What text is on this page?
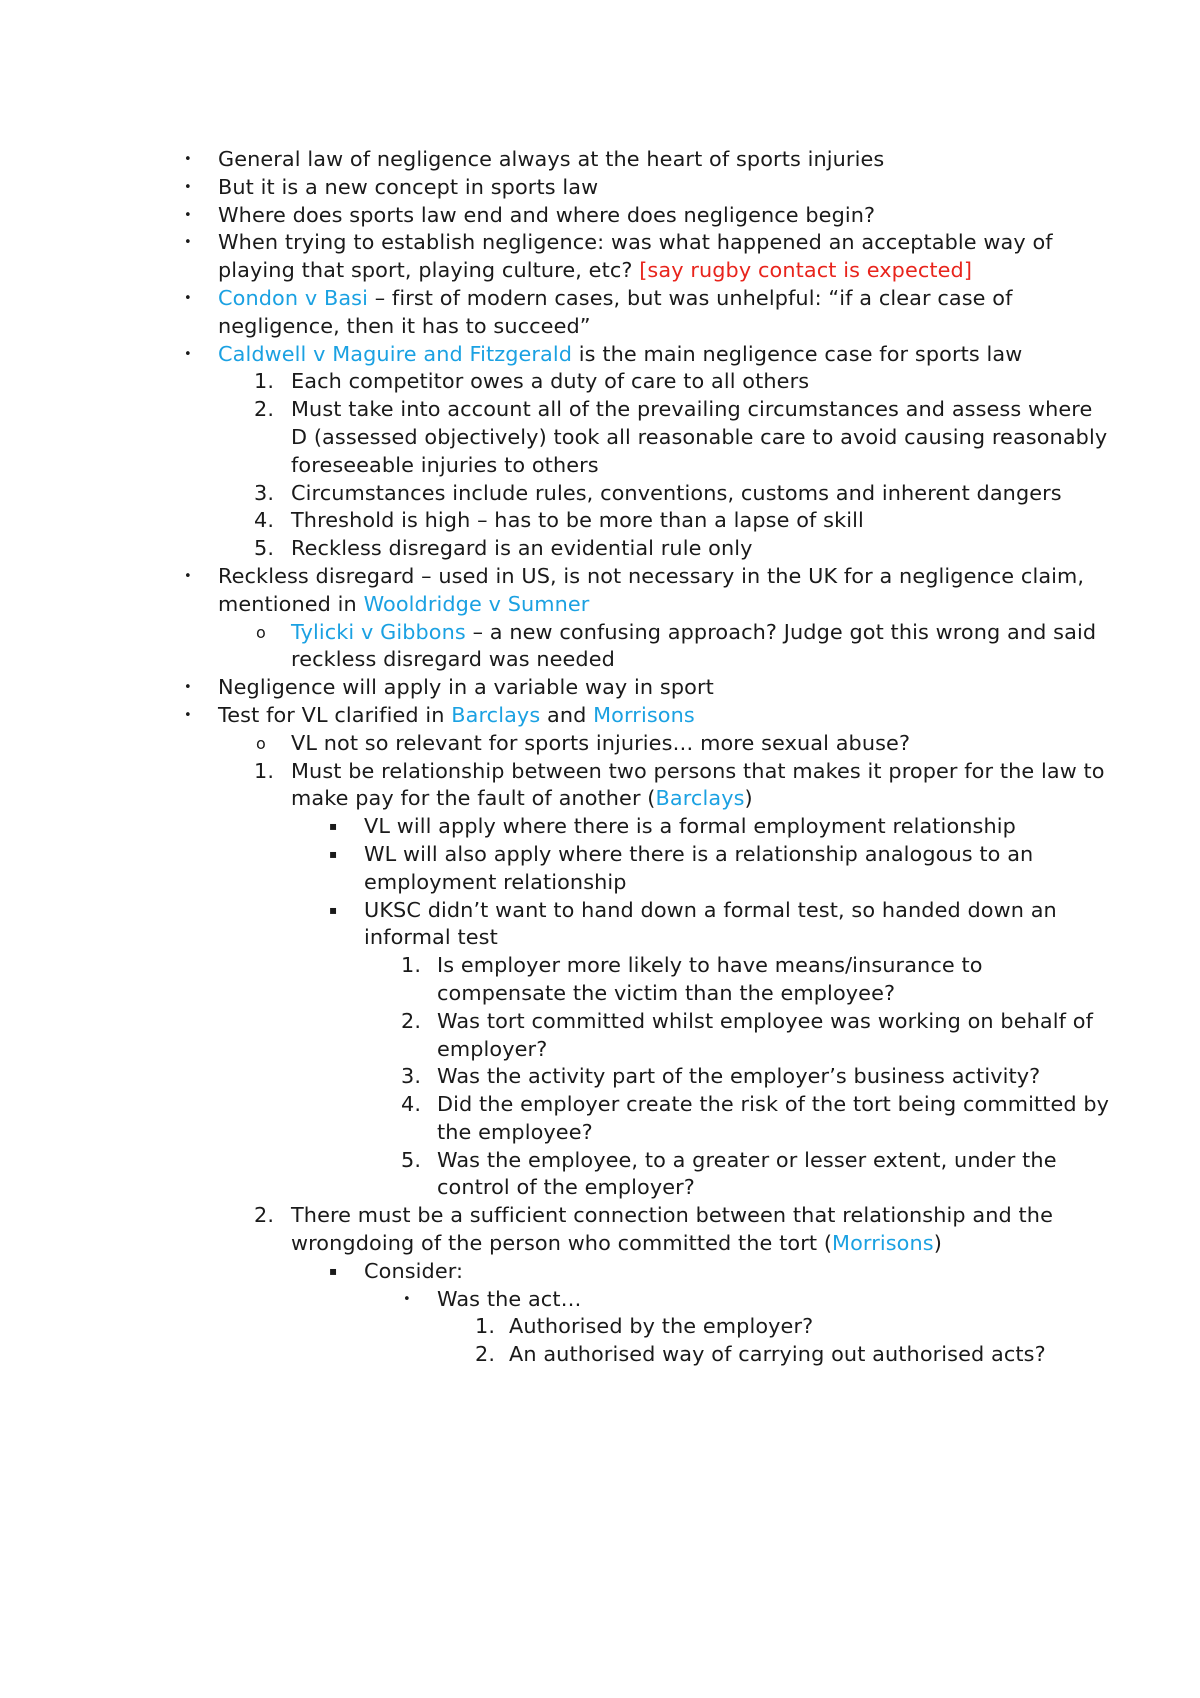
• General law of negligence always at the heart of sports injuries
• But it is a new concept in sports law
• Where does sports law end and where does negligence begin?
• When trying to establish negligence: was what happened an acceptable way of playing that sport, playing culture, etc? [say rugby contact is expected]
• Condon v Basi – first of modern cases, but was unhelpful: “if a clear case of negligence, then it has to succeed”
• Caldwell v Maguire and Fitzgerald is the main negligence case for sports law
1. Each competitor owes a duty of care to all others
2. Must take into account all of the prevailing circumstances and assess where D (assessed objectively) took all reasonable care to avoid causing reasonably foreseeable injuries to others
3. Circumstances include rules, conventions, customs and inherent dangers
4. Threshold is high – has to be more than a lapse of skill
5. Reckless disregard is an evidential rule only
• Reckless disregard – used in US, is not necessary in the UK for a negligence claim, mentioned in Wooldridge v Sumner
o Tylicki v Gibbons – a new confusing approach? Judge got this wrong and said reckless disregard was needed
• Negligence will apply in a variable way in sport
• Test for VL clarified in Barclays and Morrisons
o VL not so relevant for sports injuries… more sexual abuse?
1. Must be relationship between two persons that makes it proper for the law to make pay for the fault of another (Barclays)
▪ VL will apply where there is a formal employment relationship
▪ WL will also apply where there is a relationship analogous to an employment relationship
▪ UKSC didn’t want to hand down a formal test, so handed down an informal test
1. Is employer more likely to have means/insurance to compensate the victim than the employee?
2. Was tort committed whilst employee was working on behalf of employer?
3. Was the activity part of the employer’s business activity?
4. Did the employer create the risk of the tort being committed by the employee?
5. Was the employee, to a greater or lesser extent, under the control of the employer?
2. There must be a sufficient connection between that relationship and the wrongdoing of the person who committed the tort (Morrisons)
▪ Consider:
• Was the act…
1. Authorised by the employer?
2. An authorised way of carrying out authorised acts?
